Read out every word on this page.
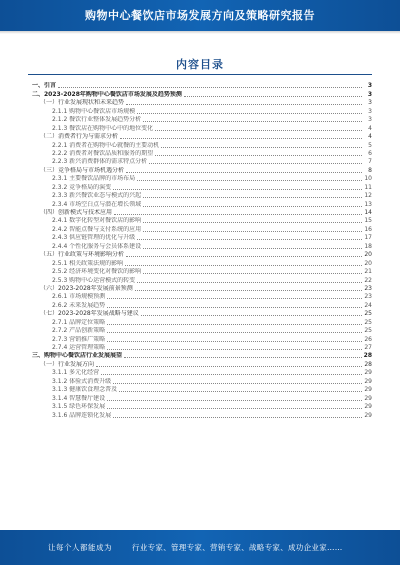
购物中心餐饮店市场发展方向及策略研究报告
内容目录
一、引言	3
二、2023-2028年购物中心餐饮店市场发展及趋势预测	3
（一）行业发展现状和未来趋势	3
2.1.1 购物中心餐饮店市场规模	3
2.1.2 餐饮行业整体发展趋势分析	3
2.1.3 餐饮店在购物中心中的地位变化	4
（二）消费者行为与需求分析	4
2.2.1 消费者在购物中心就餐的主要动机	5
2.2.2 消费者对餐饮品质和服务的期望	6
2.2.3 新兴消费群体的需求特点分析	7
（三）竞争格局与市场机遇分析	8
2.3.1 主要餐饮品牌的市场布局	10
2.3.2 竞争格局的演变	11
2.3.3 新兴餐饮业态与模式的兴起	12
2.3.4 市场空白点与潜在增长领域	13
（四）创新模式与技术应用	14
2.4.1 数字化转型对餐饮店的影响	15
2.4.2 智能点餐与支付系统的应用	16
2.4.3 供应链管理的优化与升级	17
2.4.4 个性化服务与会员体系建设	18
（五）行业政策与环境影响分析	20
2.5.1 相关政策法规的影响	20
2.5.2 经济环境变化对餐饮的影响	21
2.5.3 购物中心运营模式的转变	22
（六）2023-2028年发展前景预测	23
2.6.1 市场规模预测	23
2.6.2 未来发展趋势	24
（七）2023-2028年发展战略与建议	25
2.7.1 品牌定位策略	25
2.7.2 产品创新策略	25
2.7.3 营销推广策略	26
2.7.4 运营管理策略	27
三、购物中心餐饮店行业发展展望	28
（一）行业发展方向	28
3.1.1 多元化经营	29
3.1.2 体验式消费升级	29
3.1.3 健康饮食理念普及	29
3.1.4 智慧餐厅建设	29
3.1.5 绿色环保发展	29
3.1.6 品牌连锁化发展	29
让每个人都能成为	行业专家、管理专家、营销专家、战略专家、成功企业家……
